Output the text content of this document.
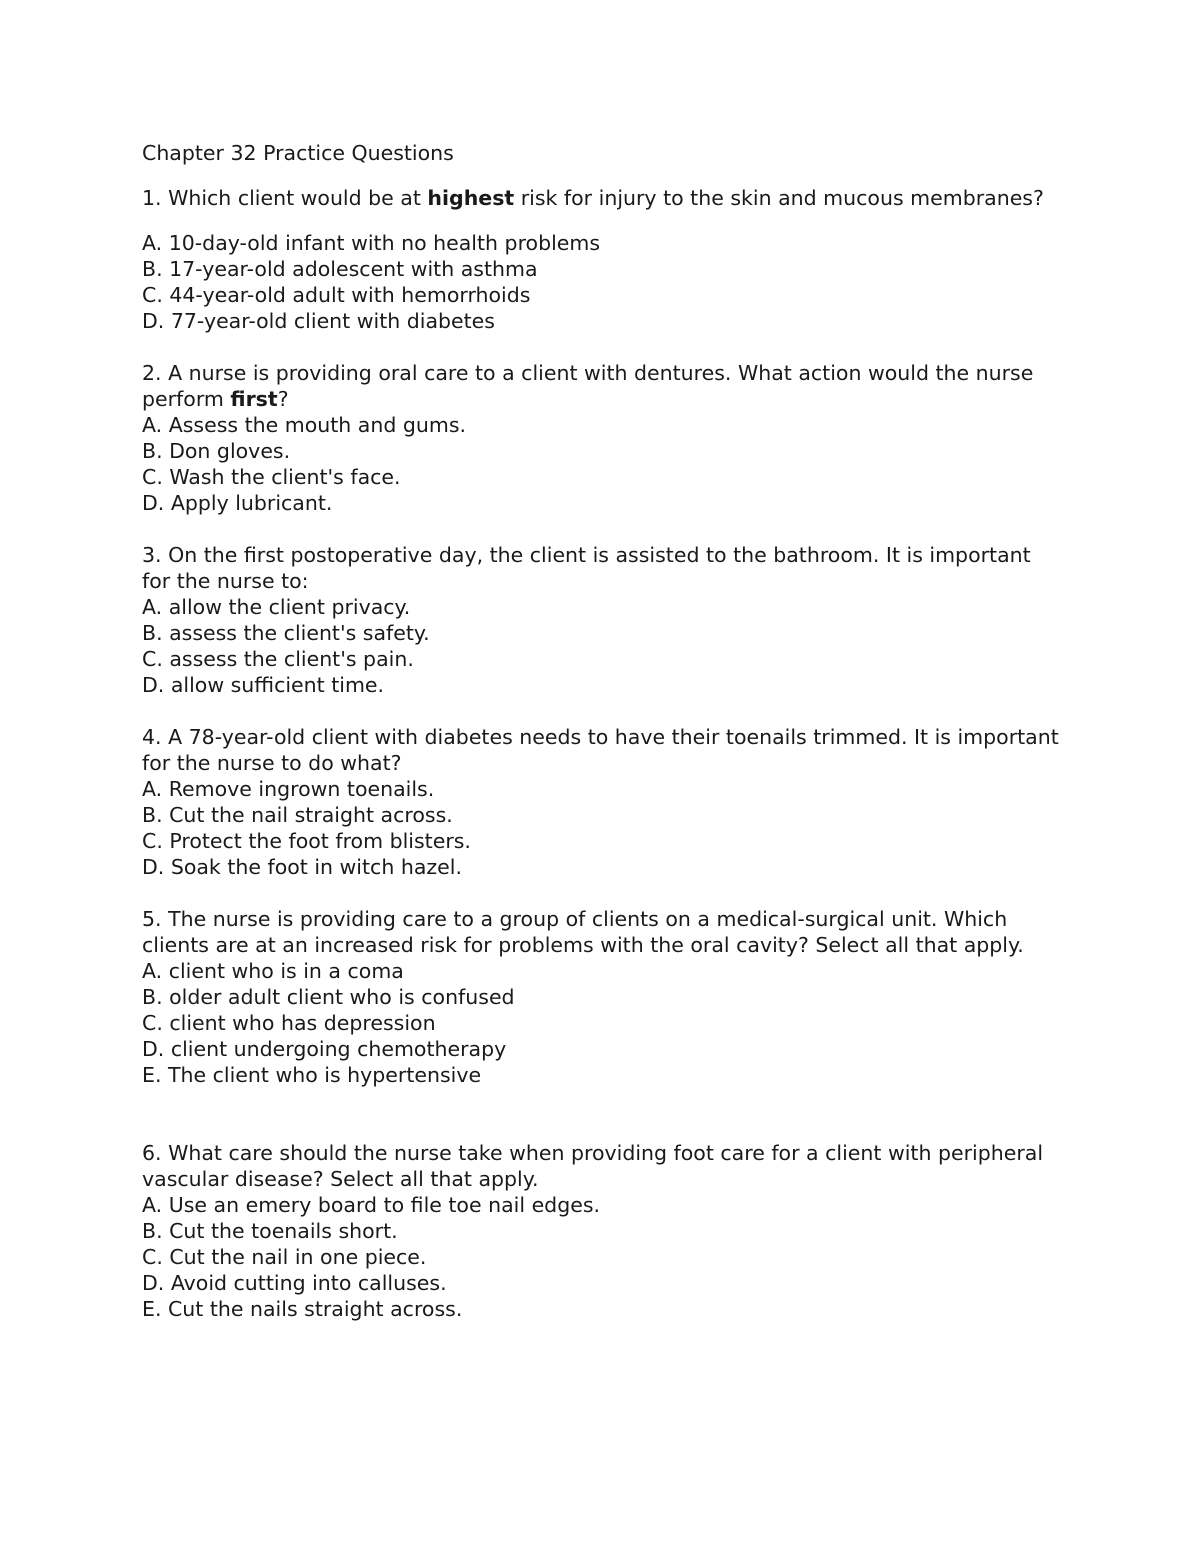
Chapter 32 Practice Questions

1. Which client would be at highest risk for injury to the skin and mucous membranes?

A. 10-day-old infant with no health problems
B. 17-year-old adolescent with asthma
C. 44-year-old adult with hemorrhoids
D. 77-year-old client with diabetes

2. A nurse is providing oral care to a client with dentures. What action would the nurse perform first?

A. Assess the mouth and gums.
B. Don gloves.
C. Wash the client's face.
D. Apply lubricant.

3. On the first postoperative day, the client is assisted to the bathroom. It is important for the nurse to:

A. allow the client privacy.
B. assess the client's safety.
C. assess the client's pain.
D. allow sufficient time.

4. A 78-year-old client with diabetes needs to have their toenails trimmed. It is important for the nurse to do what?

A. Remove ingrown toenails.
B. Cut the nail straight across.
C. Protect the foot from blisters.
D. Soak the foot in witch hazel.

5. The nurse is providing care to a group of clients on a medical-surgical unit. Which clients are at an increased risk for problems with the oral cavity? Select all that apply.

A. client who is in a coma
B. older adult client who is confused
C. client who has depression
D. client undergoing chemotherapy
E. The client who is hypertensive

6. What care should the nurse take when providing foot care for a client with peripheral vascular disease? Select all that apply.

A. Use an emery board to file toe nail edges.
B. Cut the toenails short.
C. Cut the nail in one piece.
D. Avoid cutting into calluses.
E. Cut the nails straight across.
